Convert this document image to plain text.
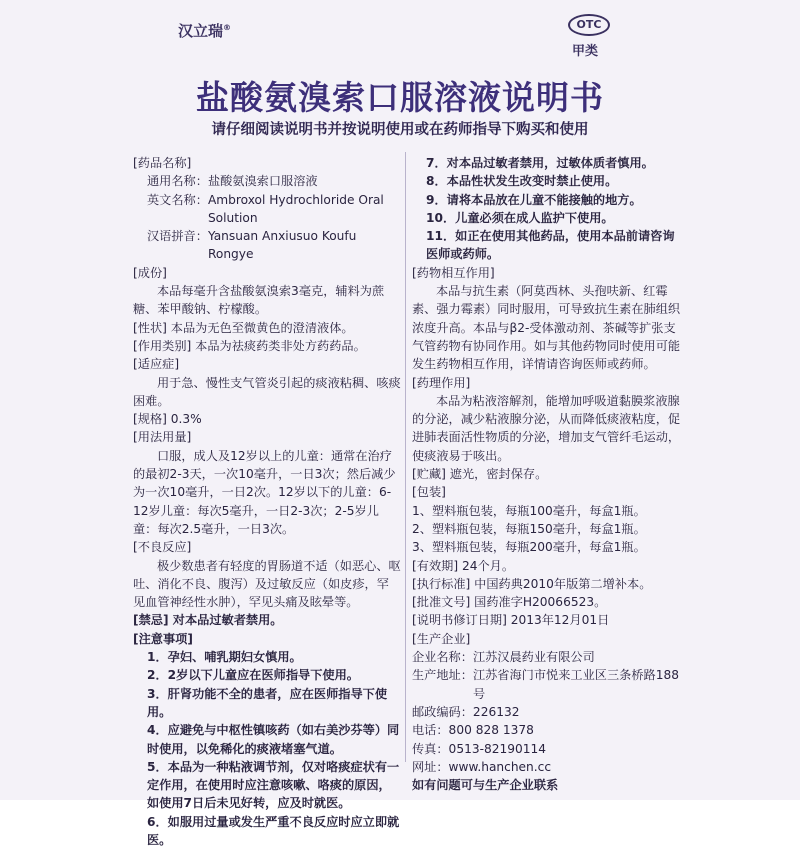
汉立瑞®	OTC
甲类
盐酸氨溴索口服溶液说明书
请仔细阅读说明书并按说明使用或在药师指导下购买和使用

[药品名称]

通用名称： 盐酸氨溴索口服溶液
英文名称： Ambroxol Hydrochloride Oral Solution
汉语拼音： Yansuan Anxiusuo Koufu Rongye

[成份]

本品每毫升含盐酸氨溴索3毫克，辅料为蔗糖、苯甲酸钠、柠檬酸。

[性状] 本品为无色至微黄色的澄清液体。

[作用类别] 本品为祛痰药类非处方药药品。

[适应症]

用于急、慢性支气管炎引起的痰液粘稠、咳痰困难。

[规格] 0.3%

[用法用量]

口服，成人及12岁以上的儿童：通常在治疗的最初2-3天，一次10毫升，一日3次；然后减少为一次10毫升，一日2次。12岁以下的儿童：6-12岁儿童：每次5毫升，一日2-3次；2-5岁儿童：每次2.5毫升，一日3次。

[不良反应]

极少数患者有轻度的胃肠道不适（如恶心、呕吐、消化不良、腹泻）及过敏反应（如皮疹，罕见血管神经性水肿），罕见头痛及眩晕等。

[禁忌] 对本品过敏者禁用。

[注意事项]

1．孕妇、哺乳期妇女慎用。

2．2岁以下儿童应在医师指导下使用。

3．肝肾功能不全的患者，应在医师指导下使用。

4．应避免与中枢性镇咳药（如右美沙芬等）同时使用，以免稀化的痰液堵塞气道。

5．本品为一种粘液调节剂，仅对咯痰症状有一定作用，在使用时应注意咳嗽、咯痰的原因，如使用7日后未见好转，应及时就医。

6．如服用过量或发生严重不良反应时应立即就医。

7．对本品过敏者禁用，过敏体质者慎用。

8．本品性状发生改变时禁止使用。

9．请将本品放在儿童不能接触的地方。

10．儿童必须在成人监护下使用。

11．如正在使用其他药品，使用本品前请咨询医师或药师。

[药物相互作用]

本品与抗生素（阿莫西林、头孢呋新、红霉素、强力霉素）同时服用，可导致抗生素在肺组织浓度升高。本品与β2-受体激动剂、茶碱等扩张支气管药物有协同作用。如与其他药物同时使用可能发生药物相互作用，详情请咨询医师或药师。

[药理作用]

本品为粘液溶解剂，能增加呼吸道黏膜浆液腺的分泌，减少粘液腺分泌，从而降低痰液粘度，促进肺表面活性物质的分泌，增加支气管纤毛运动，使痰液易于咳出。

[贮藏] 遮光，密封保存。

[包装]

1、塑料瓶包装，每瓶100毫升，每盒1瓶。

2、塑料瓶包装，每瓶150毫升，每盒1瓶。

3、塑料瓶包装，每瓶200毫升，每盒1瓶。

[有效期] 24个月。

[执行标准] 中国药典2010年版第二增补本。

[批准文号] 国药准字H20066523。

[说明书修订日期] 2013年12月01日

[生产企业]

企业名称： 江苏汉晨药业有限公司
生产地址： 江苏省海门市悦来工业区三条桥路188号

邮政编码：226132

电话：800 828 1378

传真：0513-82190114

网址：www.hanchen.cc

如有问题可与生产企业联系
